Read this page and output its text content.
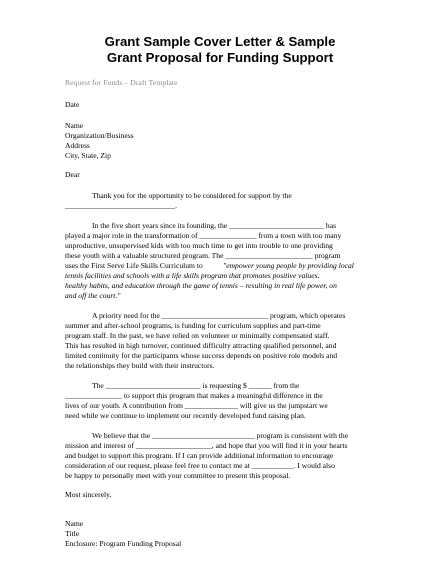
Grant Sample Cover Letter & Sample
Grant Proposal for Funding Support
Request for Funds – Draft Template
Date
Name
Organization/Business
Address
City, State, Zip
Dear
Thank you for the opportunity to be considered for support by the
_____________________________.
In the five short years since its founding, the _________________________ has
played a major role in the transformation of _______________ from a town with too many
unproductive, unsupervised kids with too much time to get into trouble to one providing
these youth with a valuable structured program. The _______________________ program
uses the First Serve Life Skills Curriculum to	"empower young people by providing local
tennis facilities and schools with a life skills program that promotes positive values,
healthy habits, and education through the game of tennis – resulting in real life power, on
and off the court."
A priority need for the ____________________________ program, which operates
summer and after-school programs, is funding for curriculum supplies and part-time
program staff. In the past, we have relied on volunteer or minimally compensated staff.
This has resulted in high turnover, continued difficulty attracting qualified personnel, and
limited continuity for the participants whose success depends on positive role models and
the relationships they build with their instructors.
The _________________________ is requesting $ ______ from the
_______________ to support this program that makes a meaningful difference in the
lives of our youth. A contribution from ______________ will give us the jumpstart we
need while we continue to implement our recently developed fund raising plan.
We believe that the ___________________________ program is consistent with the
mission and interest of ____________________, and hope that you will find it in your hearts
and budget to support this program. If I can provide additional information to encourage
consideration of our request, please feel free to contact me at ___________. I would also
be happy to personally meet with your committee to present this proposal.
Most sincerely,
Name
Title
Enclosure: Program Funding Proposal
